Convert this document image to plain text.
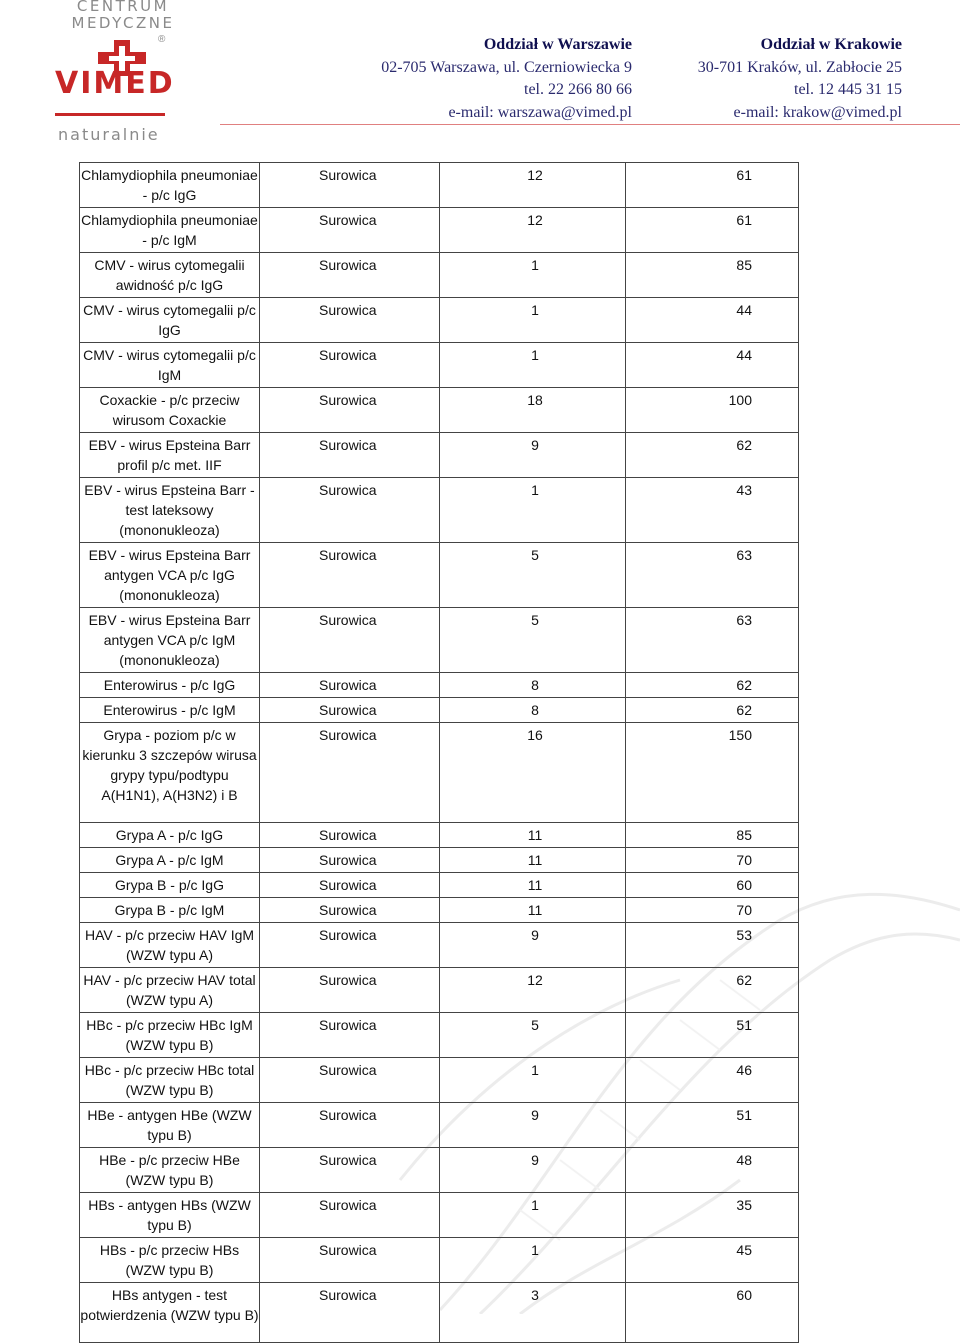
CENTRUM
MEDYCZNE
®
VIMED
naturalnie
Oddział w Warszawie
02-705 Warszawa, ul. Czerniowiecka 9
tel. 22 266 80 66
e-mail: warszawa@vimed.pl
Oddział w Krakowie
30-701 Kraków, ul. Zabłocie 25
tel. 12 445 31 15
e-mail: krakow@vimed.pl
Chlamydiophila pneumoniae - p/c IgG	Surowica	12	61
Chlamydiophila pneumoniae - p/c IgM	Surowica	12	61
CMV - wirus cytomegalii awidność p/c IgG	Surowica	1	85
CMV - wirus cytomegalii p/c IgG	Surowica	1	44
CMV - wirus cytomegalii p/c IgM	Surowica	1	44
Coxackie - p/c przeciw wirusom Coxackie	Surowica	18	100
EBV - wirus Epsteina Barr profil p/c met. IIF	Surowica	9	62
EBV - wirus Epsteina Barr - test lateksowy (mononukleoza)	Surowica	1	43
EBV - wirus Epsteina Barr antygen VCA p/c IgG (mononukleoza)	Surowica	5	63
EBV - wirus Epsteina Barr antygen VCA p/c IgM (mononukleoza)	Surowica	5	63
Enterowirus - p/c IgG	Surowica	8	62
Enterowirus - p/c IgM	Surowica	8	62
Grypa - poziom p/c w kierunku 3 szczepów wirusa grypy typu/podtypu A(H1N1), A(H3N2) i B	Surowica	16	150
Grypa A - p/c IgG	Surowica	11	85
Grypa A - p/c IgM	Surowica	11	70
Grypa B - p/c IgG	Surowica	11	60
Grypa B - p/c IgM	Surowica	11	70
HAV - p/c przeciw HAV IgM (WZW typu A)	Surowica	9	53
HAV - p/c przeciw HAV total (WZW typu A)	Surowica	12	62
HBc - p/c przeciw HBc IgM (WZW typu B)	Surowica	5	51
HBc - p/c przeciw HBc total (WZW typu B)	Surowica	1	46
HBe - antygen HBe (WZW typu B)	Surowica	9	51
HBe - p/c przeciw HBe (WZW typu B)	Surowica	9	48
HBs - antygen HBs (WZW typu B)	Surowica	1	35
HBs - p/c przeciw HBs (WZW typu B)	Surowica	1	45
HBs antygen - test potwierdzenia (WZW typu B)	Surowica	3	60
